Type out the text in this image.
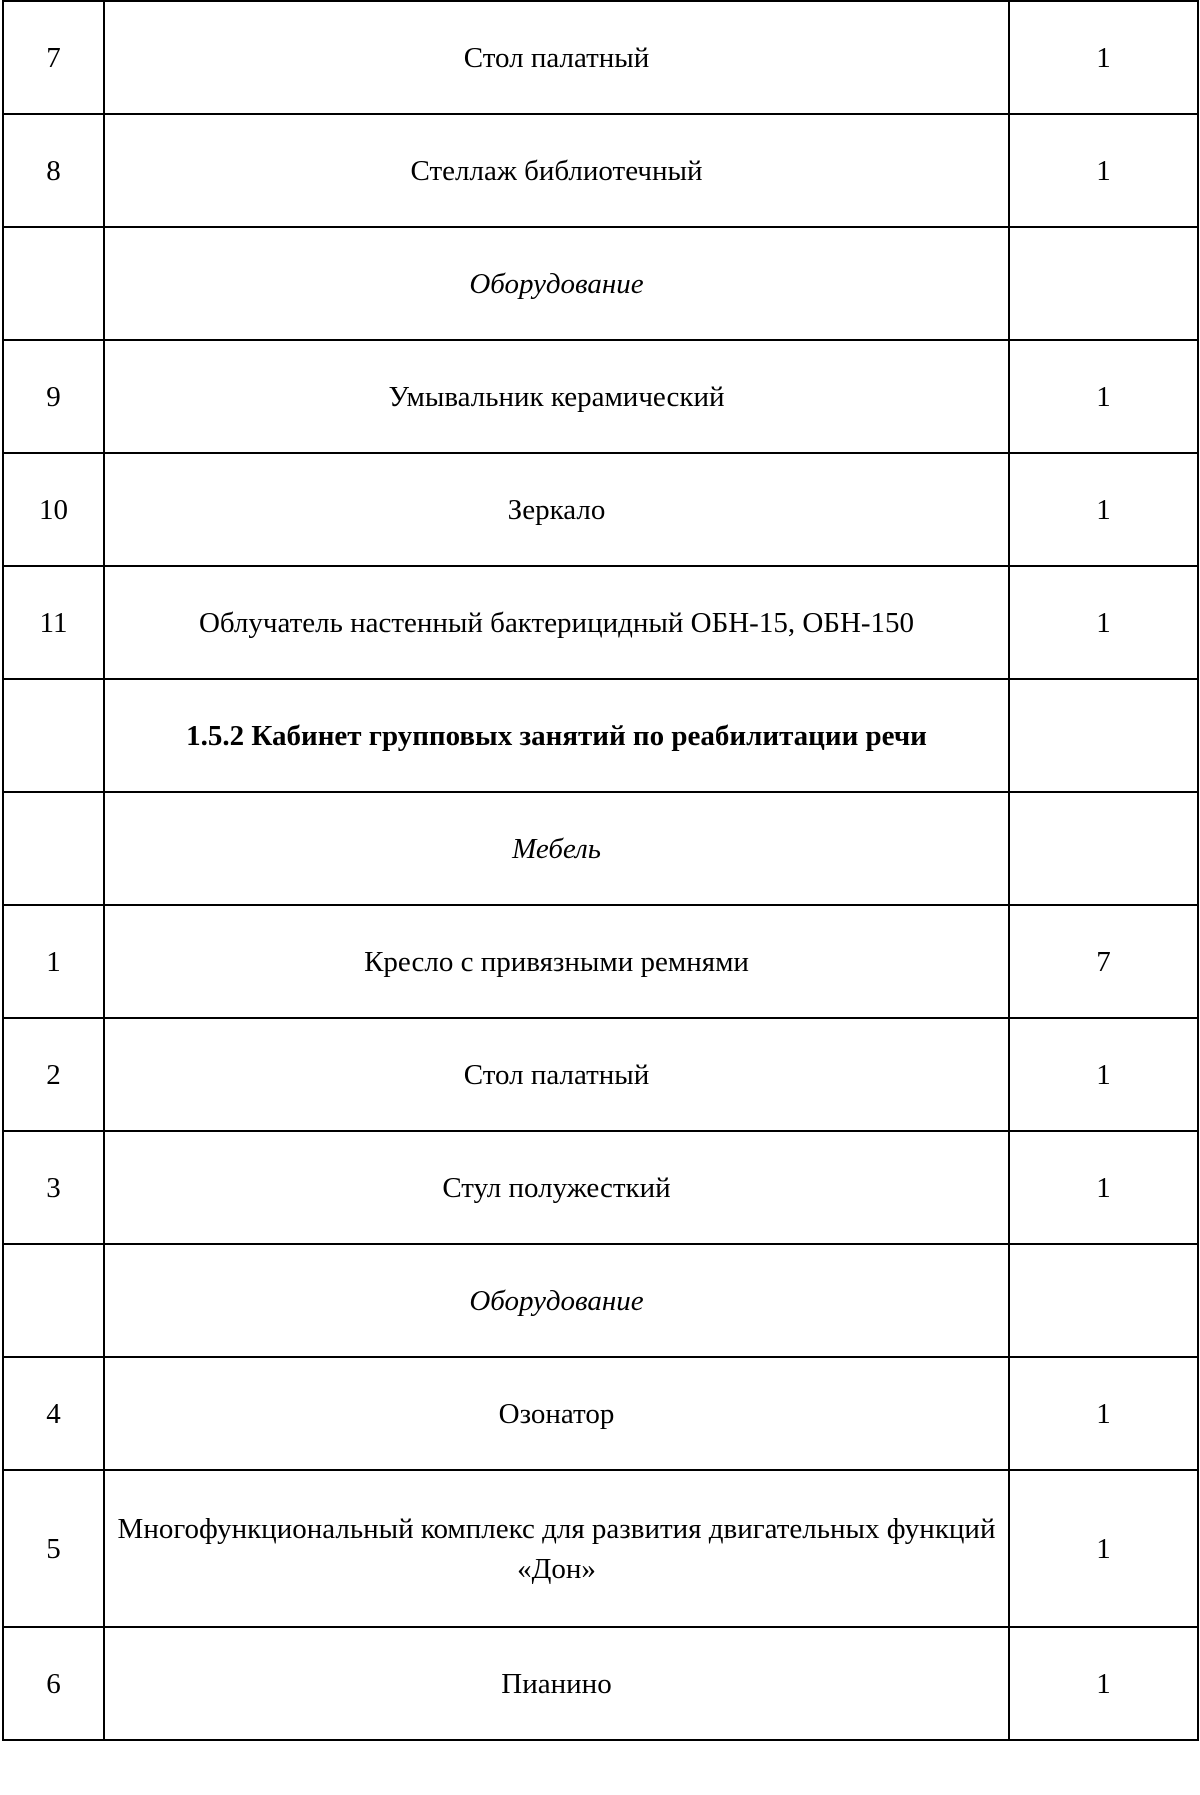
7	Стол палатный	1
8	Стеллаж библиотечный	1
	Оборудование	
9	Умывальник керамический	1
10	Зеркало	1
11	Облучатель настенный бактерицидный ОБН-15, ОБН-150	1
	1.5.2 Кабинет групповых занятий по реабилитации речи	
	Мебель	
1	Кресло с привязными ремнями	7
2	Стол палатный	1
3	Стул полужесткий	1
	Оборудование	
4	Озонатор	1
5	Многофункциональный комплекс для развития двигательных функций «Дон»	1
6	Пианино	1
